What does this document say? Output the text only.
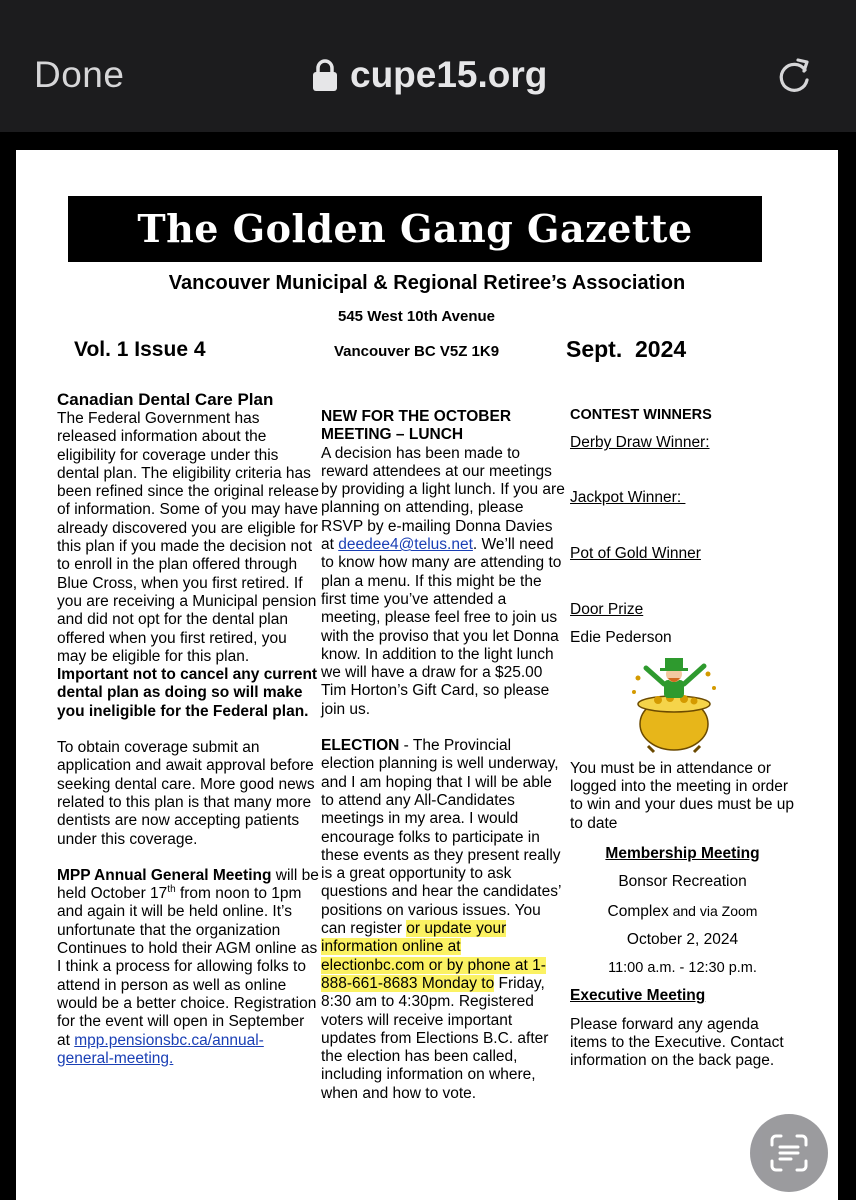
Done	cupe15.org
The Golden Gang Gazette
Vancouver Municipal & Regional Retiree’s Association
545 West 10th Avenue
Vol. 1 Issue 4	Vancouver BC V5Z 1K9	Sept.  2024

Canadian Dental Care Plan

The Federal Government has released information about the eligibility for coverage under this dental plan. The eligibility criteria has been refined since the original release of information. Some of you may have already discovered you are eligible for this plan if you made the decision not to enroll in the plan offered through Blue Cross, when you first retired. If you are receiving a Municipal pension and did not opt for the dental plan offered when you first retired, you may be eligible for this plan. Important not to cancel any current dental plan as doing so will make you ineligible for the Federal plan.

To obtain coverage submit an application and await approval before seeking dental care. More good news related to this plan is that many more dentists are now accepting patients under this coverage.

MPP Annual General Meeting will be held October 17th from noon to 1pm and again it will be held online. It’s unfortunate that the organization Continues to hold their AGM online as I think a process for allowing folks to attend in person as well as online would be a better choice. Registration for the event will open in September at mpp.pensionsbc.ca/annual-general-meeting.

NEW FOR THE OCTOBER MEETING – LUNCH

A decision has been made to reward attendees at our meetings by providing a light lunch. If you are planning on attending, please RSVP by e-mailing Donna Davies at deedee4@telus.net. We’ll need to know how many are attending to plan a menu. If this might be the first time you’ve attended a meeting, please feel free to join us with the proviso that you let Donna know. In addition to the light lunch we will have a draw for a $25.00 Tim Horton’s Gift Card, so please join us.

ELECTION - The Provincial election planning is well underway, and I am hoping that I will be able to attend any All-Candidates meetings in my area. I would encourage folks to participate in these events as they present really is a great opportunity to ask questions and hear the candidates’ positions on various issues. You can register or update your information online at electionbc.com or by phone at 1-888-661-8683 Monday to Friday, 8:30 am to 4:30pm. Registered voters will receive important updates from Elections B.C. after the election has been called, including information on where, when and how to vote.

CONTEST WINNERS

Derby Draw Winner:

Jackpot Winner:

Pot of Gold Winner

Door Prize

Edie Pederson

You must be in attendance or logged into the meeting in order to win and your dues must be up to date

Membership Meeting

Bonsor Recreation

Complex and via Zoom

October 2, 2024

11:00 a.m. - 12:30 p.m.

Executive Meeting

Please forward any agenda items to the Executive. Contact information on the back page.
